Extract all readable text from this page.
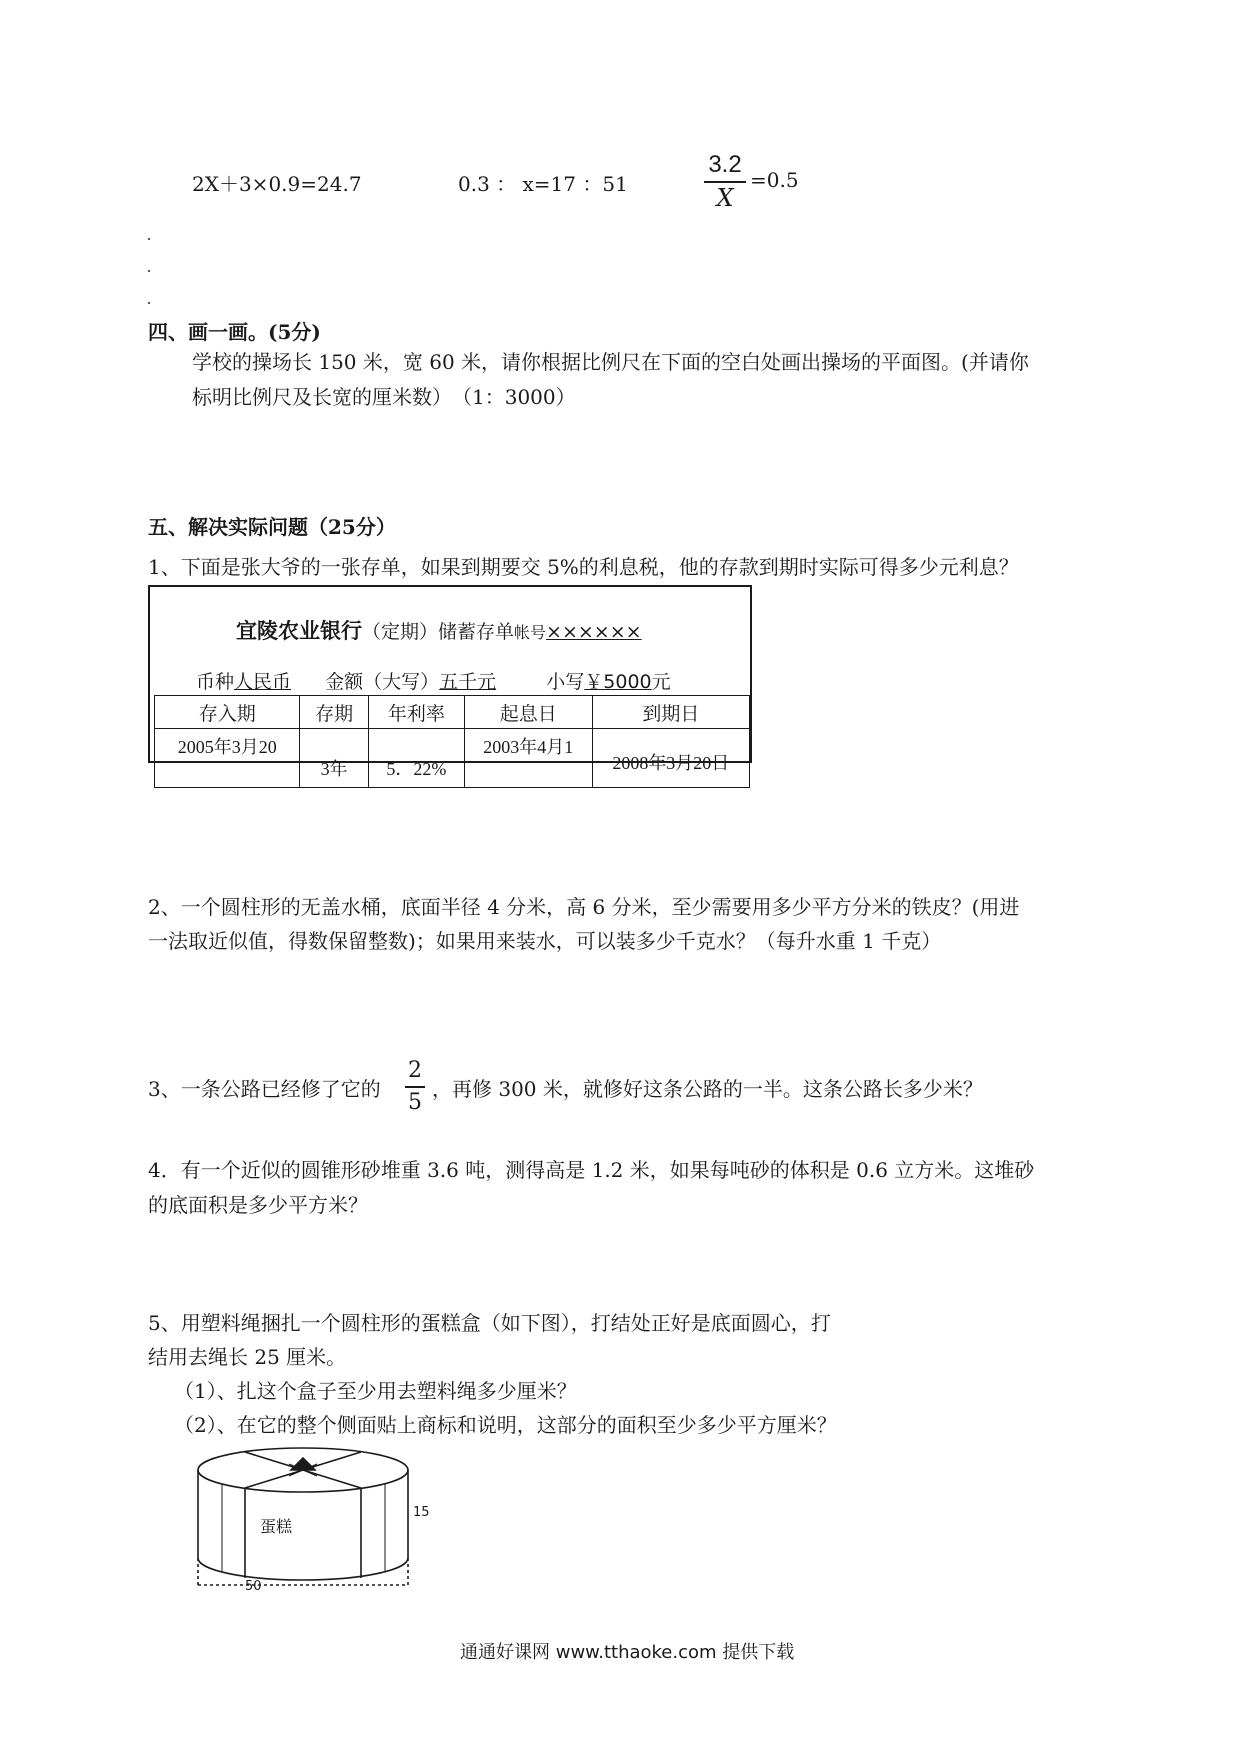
2X＋3×0.9=24.7	0.3 ： x=17 ：51
3.2
X
=0.5
四、画一画。(5分)
学校的操场长 150 米，宽 60 米，请你根据比例尺在下面的空白处画出操场的平面图。(并请你
标明比例尺及长宽的厘米数）　（1：3000）
五、解决实际问题（25分）
1、下面是张大爷的一张存单，如果到期要交 5%的利息税，他的存款到期时实际可得多少元利息？
宜陵农业银行（定期）储蓄存单帐号××××××
币种人民币 金额（大写）五千元	小写￥5000元
存入期	存期	年利率	起息日	到期日
2005年3月20	3年	5．22%	2003年4月1	2008年3月20日
2、一个圆柱形的无盖水桶，底面半径 4 分米，高 6 分米，至少需要用多少平方分米的铁皮？(用进
一法取近似值，得数保留整数)；如果用来装水，可以装多少千克水？（每升水重 1 千克）
3、一条公路已经修了它的
2
5
，再修 300 米，就修好这条公路的一半。这条公路长多少米？
4．有一个近似的圆锥形砂堆重 3.6 吨，测得高是 1.2 米，如果每吨砂的体积是 0.6 立方米。这堆砂
的底面积是多少平方米？
5、用塑料绳捆扎一个圆柱形的蛋糕盒（如下图），打结处正好是底面圆心，打
结用去绳长 25 厘米。
（1）、扎这个盒子至少用去塑料绳多少厘米？
（2）、在它的整个侧面贴上商标和说明，这部分的面积至少多少平方厘米？
蛋糕
15
50
通通好课网 www.tthaoke.com 提供下载
